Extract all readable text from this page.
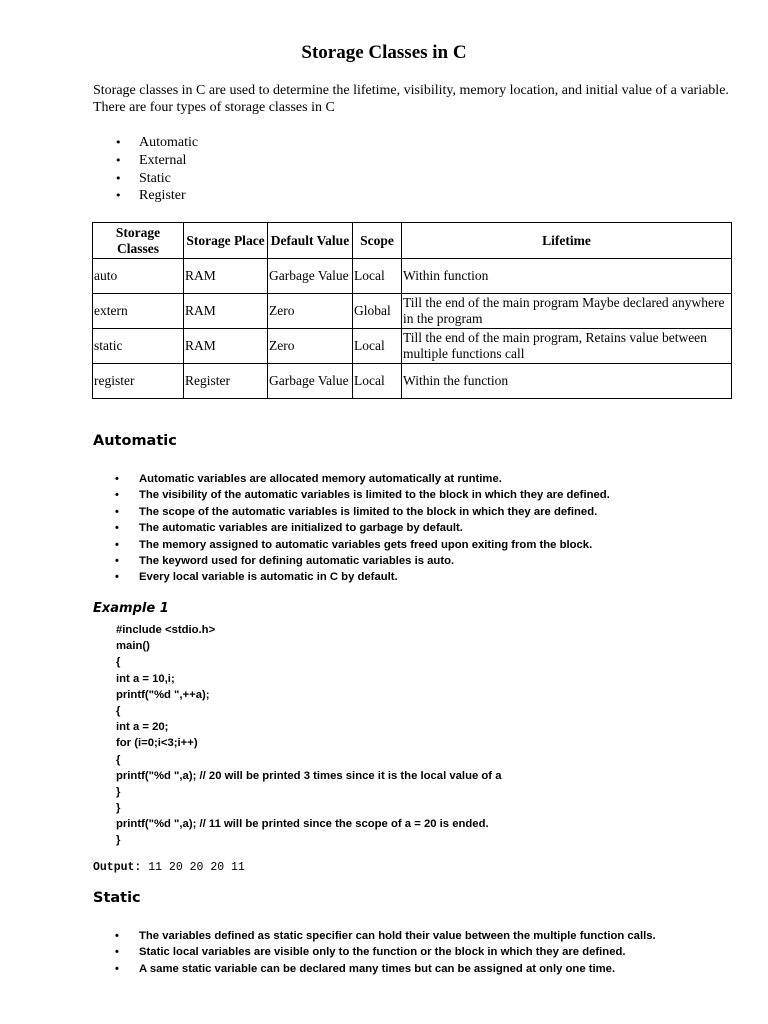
Storage Classes in C
Storage classes in C are used to determine the lifetime, visibility, memory location, and initial value of a variable. There are four types of storage classes in C
• Automatic
• External
• Static
• Register
Storage Classes	Storage Place	Default Value	Scope	Lifetime
auto	RAM	Garbage Value	Local	Within function
extern	RAM	Zero	Global	Till the end of the main program Maybe declared anywhere in the program
static	RAM	Zero	Local	Till the end of the main program, Retains value between multiple functions call
register	Register	Garbage Value	Local	Within the function
Automatic
• Automatic variables are allocated memory automatically at runtime.
• The visibility of the automatic variables is limited to the block in which they are defined.
• The scope of the automatic variables is limited to the block in which they are defined.
• The automatic variables are initialized to garbage by default.
• The memory assigned to automatic variables gets freed upon exiting from the block.
• The keyword used for defining automatic variables is auto.
• Every local variable is automatic in C by default.
Example 1
#include <stdio.h>
main()
{
int a = 10,i;
printf("%d ",++a);
{
int a = 20;
for (i=0;i<3;i++)
{
printf("%d ",a); // 20 will be printed 3 times since it is the local value of a
}
}
printf("%d ",a); // 11 will be printed since the scope of a = 20 is ended.
}
Output: 11 20 20 20 11
Static
• The variables defined as static specifier can hold their value between the multiple function calls.
• Static local variables are visible only to the function or the block in which they are defined.
• A same static variable can be declared many times but can be assigned at only one time.
